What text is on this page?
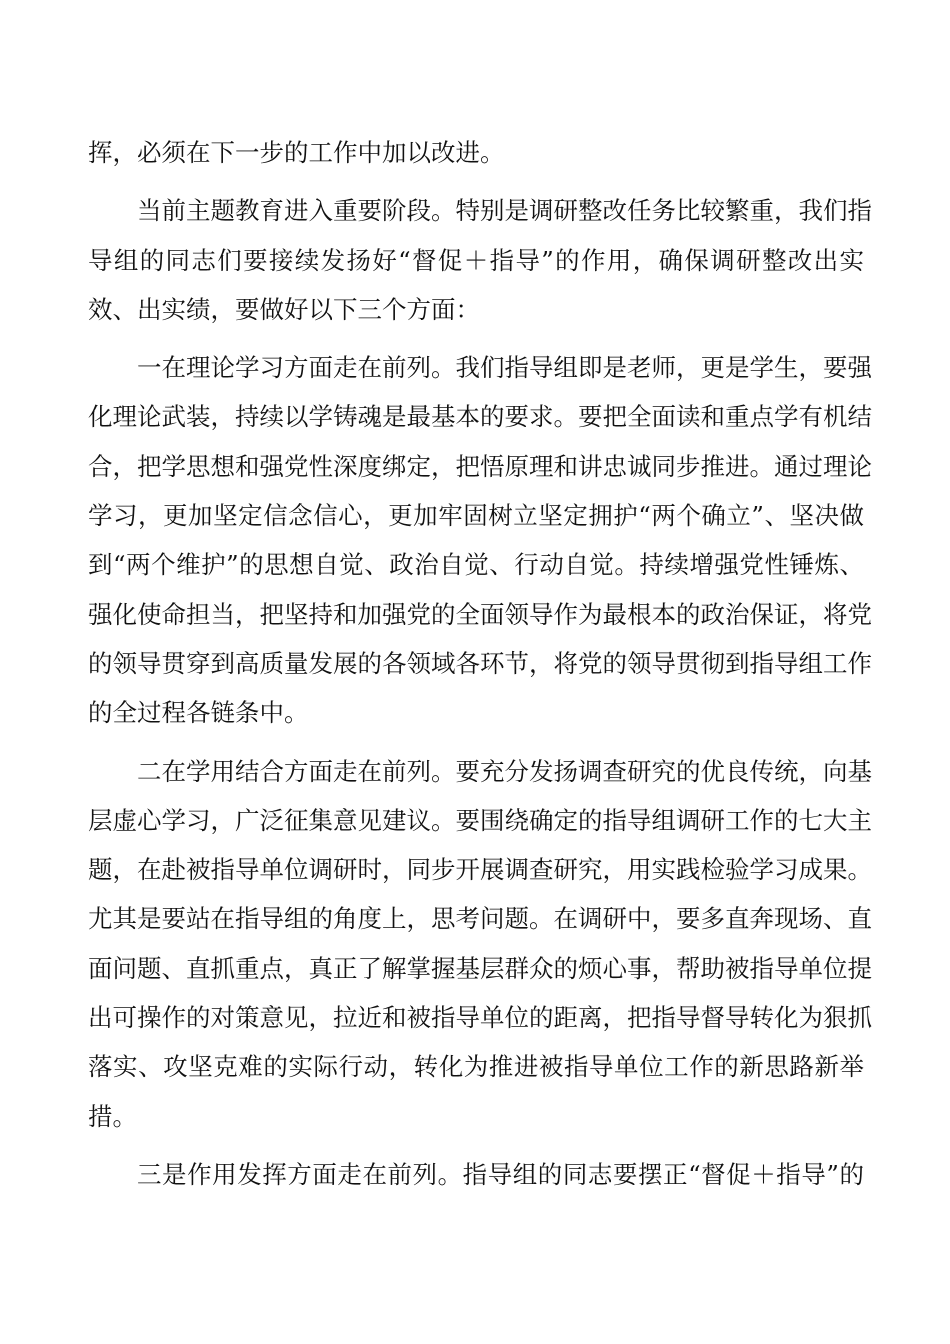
挥，必须在下一步的工作中加以改进。
当前主题教育进入重要阶段。特别是调研整改任务比较繁重，我们指
导组的同志们要接续发扬好“督促＋指导”的作用，确保调研整改出实
效、出实绩，要做好以下三个方面：
一在理论学习方面走在前列。我们指导组即是老师，更是学生，要强
化理论武装，持续以学铸魂是最基本的要求。要把全面读和重点学有机结
合，把学思想和强党性深度绑定，把悟原理和讲忠诚同步推进。通过理论
学习，更加坚定信念信心，更加牢固树立坚定拥护“两个确立”、坚决做
到“两个维护”的思想自觉、政治自觉、行动自觉。持续增强党性锤炼、
强化使命担当，把坚持和加强党的全面领导作为最根本的政治保证，将党
的领导贯穿到高质量发展的各领域各环节，将党的领导贯彻到指导组工作
的全过程各链条中。
二在学用结合方面走在前列。要充分发扬调查研究的优良传统，向基
层虚心学习，广泛征集意见建议。要围绕确定的指导组调研工作的七大主
题，在赴被指导单位调研时，同步开展调查研究，用实践检验学习成果。
尤其是要站在指导组的角度上，思考问题。在调研中，要多直奔现场、直
面问题、直抓重点，真正了解掌握基层群众的烦心事，帮助被指导单位提
出可操作的对策意见，拉近和被指导单位的距离，把指导督导转化为狠抓
落实、攻坚克难的实际行动，转化为推进被指导单位工作的新思路新举
措。
三是作用发挥方面走在前列。指导组的同志要摆正“督促＋指导”的
